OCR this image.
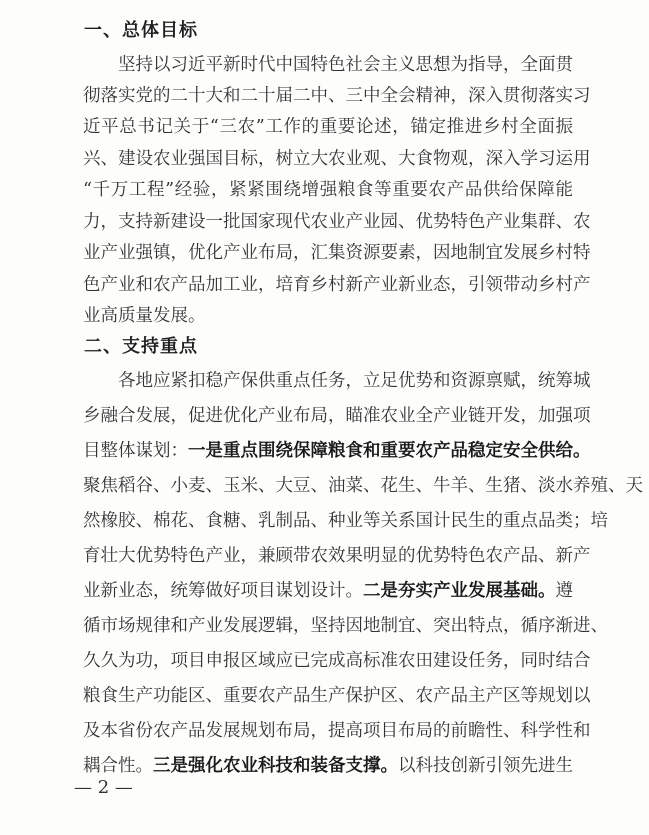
一、总体目标
坚持以习近平新时代中国特色社会主义思想为指导，全面贯
彻落实党的二十大和二十届二中、三中全会精神，深入贯彻落实习
近平总书记关于“三农”工作的重要论述，锚定推进乡村全面振
兴、建设农业强国目标，树立大农业观、大食物观，深入学习运用
“千万工程”经验，紧紧围绕增强粮食等重要农产品供给保障能
力，支持新建设一批国家现代农业产业园、优势特色产业集群、农
业产业强镇，优化产业布局，汇集资源要素，因地制宜发展乡村特
色产业和农产品加工业，培育乡村新产业新业态，引领带动乡村产
业高质量发展。
二、支持重点
各地应紧扣稳产保供重点任务，立足优势和资源禀赋，统筹城
乡融合发展，促进优化产业布局，瞄准农业全产业链开发，加强项
目整体谋划：一是重点围绕保障粮食和重要农产品稳定安全供给。
聚焦稻谷、小麦、玉米、大豆、油菜、花生、牛羊、生猪、淡水养殖、天
然橡胶、棉花、食糖、乳制品、种业等关系国计民生的重点品类；培
育壮大优势特色产业，兼顾带农效果明显的优势特色农产品、新产
业新业态，统筹做好项目谋划设计。二是夯实产业发展基础。遵
循市场规律和产业发展逻辑，坚持因地制宜、突出特点，循序渐进、
久久为功，项目申报区域应已完成高标准农田建设任务，同时结合
粮食生产功能区、重要农产品生产保护区、农产品主产区等规划以
及本省份农产品发展规划布局，提高项目布局的前瞻性、科学性和
耦合性。三是强化农业科技和装备支撑。以科技创新引领先进生
— 2 —
